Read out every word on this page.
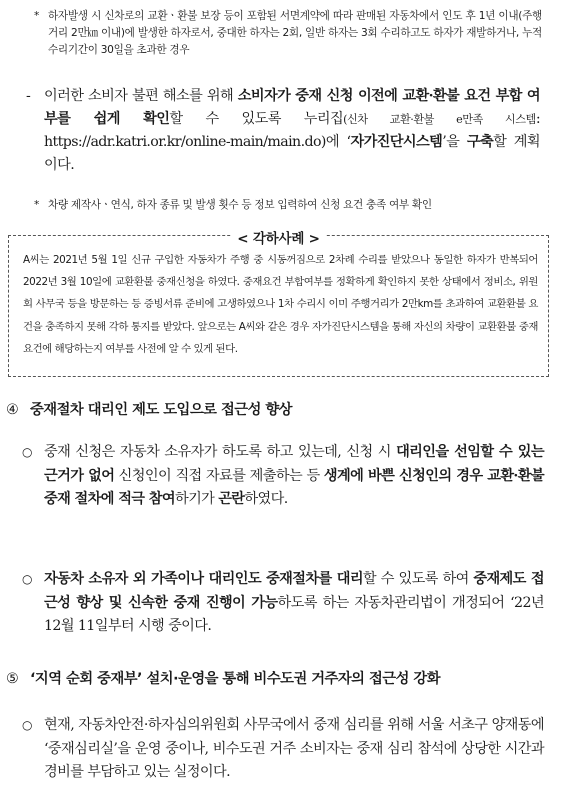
* 하자발생 시 신차로의 교환ㆍ환불 보장 등이 포함된 서면계약에 따라 판매된 자동차에서 인도 후 1년 이내(주행거리 2만㎞ 이내)에 발생한 하자로서, 중대한 하자는 2회, 일반 하자는 3회 수리하고도 하자가 재발하거나, 누적 수리기간이 30일을 초과한 경우
- 이러한 소비자 불편 해소를 위해 소비자가 중재 신청 이전에 교환·환불 요건 부합 여부를 쉽게 확인할 수 있도록 누리집(신차 교환·환불 e만족 시스템: https://adr.katri.or.kr/online-main/main.do)에 ‘자가진단시스템’을 구축할 계획이다.
* 차량 제작사ㆍ연식, 하자 종류 및 발생 횟수 등 정보 입력하여 신청 요건 충족 여부 확인
< 각하사례 >
A씨는 2021년 5월 1일 신규 구입한 자동차가 주행 중 시동꺼짐으로 2차례 수리를 받았으나 동일한 하자가 반복되어 2022년 3월 10일에 교환환불 중재신청을 하였다. 중재요건 부합여부를 정확하게 확인하지 못한 상태에서 정비소, 위원회 사무국 등을 방문하는 등 증빙서류 준비에 고생하였으나 1차 수리시 이미 주행거리가 2만km를 초과하여 교환환불 요건을 충족하지 못해 각하 통지를 받았다. 앞으로는 A씨와 같은 경우 자가진단시스템을 통해 자신의 차량이 교환환불 중재 요건에 해당하는지 여부를 사전에 알 수 있게 된다.
④ 중재절차 대리인 제도 도입으로 접근성 향상
○ 중재 신청은 자동차 소유자가 하도록 하고 있는데, 신청 시 대리인을 선임할 수 있는 근거가 없어 신청인이 직접 자료를 제출하는 등 생계에 바쁜 신청인의 경우 교환·환불 중재 절차에 적극 참여하기가 곤란하였다.
○ 자동차 소유자 외 가족이나 대리인도 중재절차를 대리할 수 있도록 하여 중재제도 접근성 향상 및 신속한 중재 진행이 가능하도록 하는 자동차관리법이 개정되어 ‘22년 12월 11일부터 시행 중이다.
⑤ ‘지역 순회 중재부’ 설치·운영을 통해 비수도권 거주자의 접근성 강화
○ 현재, 자동차안전·하자심의위원회 사무국에서 중재 심리를 위해 서울 서초구 양재동에 ‘중재심리실’을 운영 중이나, 비수도권 거주 소비자는 중재 심리 참석에 상당한 시간과 경비를 부담하고 있는 실정이다.
